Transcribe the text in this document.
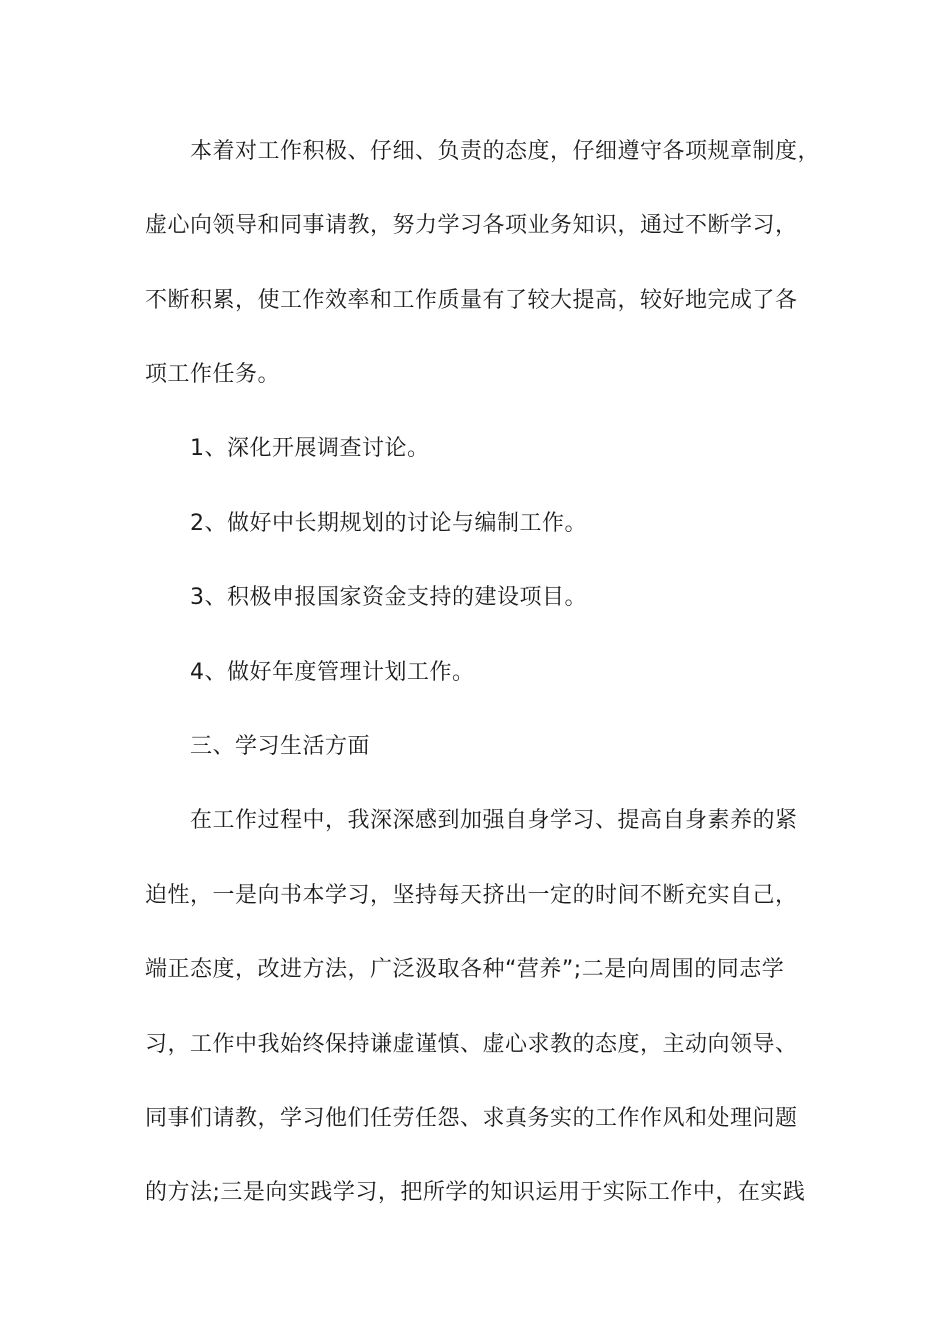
本着对工作积极、仔细、负责的态度，仔细遵守各项规章制度，
虚心向领导和同事请教，努力学习各项业务知识，通过不断学习，
不断积累，使工作效率和工作质量有了较大提高，较好地完成了各
项工作任务。
1、深化开展调查讨论。
2、做好中长期规划的讨论与编制工作。
3、积极申报国家资金支持的建设项目。
4、做好年度管理计划工作。
三、学习生活方面
在工作过程中，我深深感到加强自身学习、提高自身素养的紧
迫性，一是向书本学习，坚持每天挤出一定的时间不断充实自己，
端正态度，改进方法，广泛汲取各种“营养”;二是向周围的同志学
习，工作中我始终保持谦虚谨慎、虚心求教的态度，主动向领导、
同事们请教，学习他们任劳任怨、求真务实的工作作风和处理问题
的方法;三是向实践学习，把所学的知识运用于实际工作中，在实践
